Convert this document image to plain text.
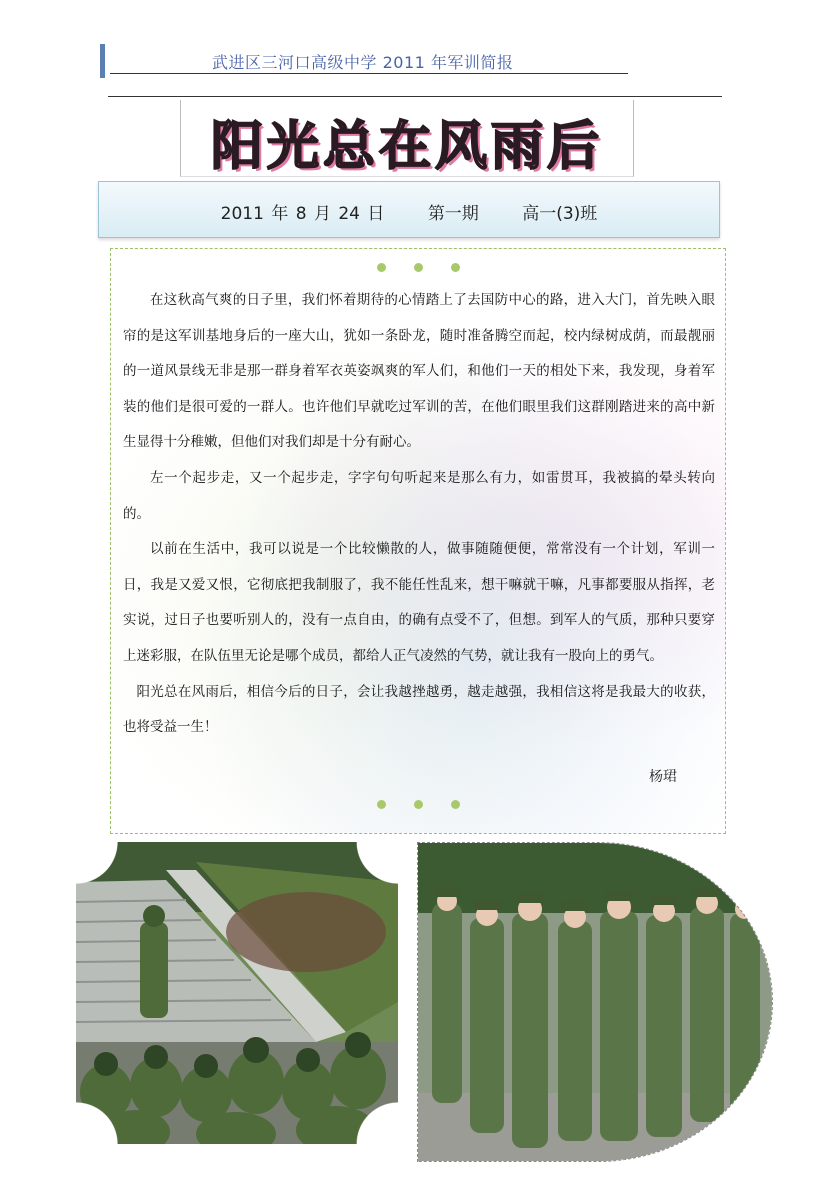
武进区三河口高级中学 2011 年军训简报
阳光总在风雨后
2011 年 8 月 24 日	第一期	高一(3)班

在这秋高气爽的日子里，我们怀着期待的心情踏上了去国防中心的路，进入大门，首先映入眼帘的是这军训基地身后的一座大山，犹如一条卧龙，随时准备腾空而起，校内绿树成荫，而最靓丽的一道风景线无非是那一群身着军衣英姿飒爽的军人们，和他们一天的相处下来，我发现，身着军装的他们是很可爱的一群人。也许他们早就吃过军训的苦，在他们眼里我们这群刚踏进来的高中新生显得十分稚嫩，但他们对我们却是十分有耐心。

左一个起步走，又一个起步走，字字句句听起来是那么有力，如雷贯耳，我被搞的晕头转向的。

以前在生活中，我可以说是一个比较懒散的人，做事随随便便，常常没有一个计划，军训一日，我是又爱又恨，它彻底把我制服了，我不能任性乱来，想干嘛就干嘛，凡事都要服从指挥，老实说，过日子也要听别人的，没有一点自由，的确有点受不了，但想。到军人的气质，那种只要穿上迷彩服，在队伍里无论是哪个成员，都给人正气凌然的气势，就让我有一股向上的勇气。

阳光总在风雨后，相信今后的日子，会让我越挫越勇，越走越强，我相信这将是我最大的收获，也将受益一生！

杨珺
